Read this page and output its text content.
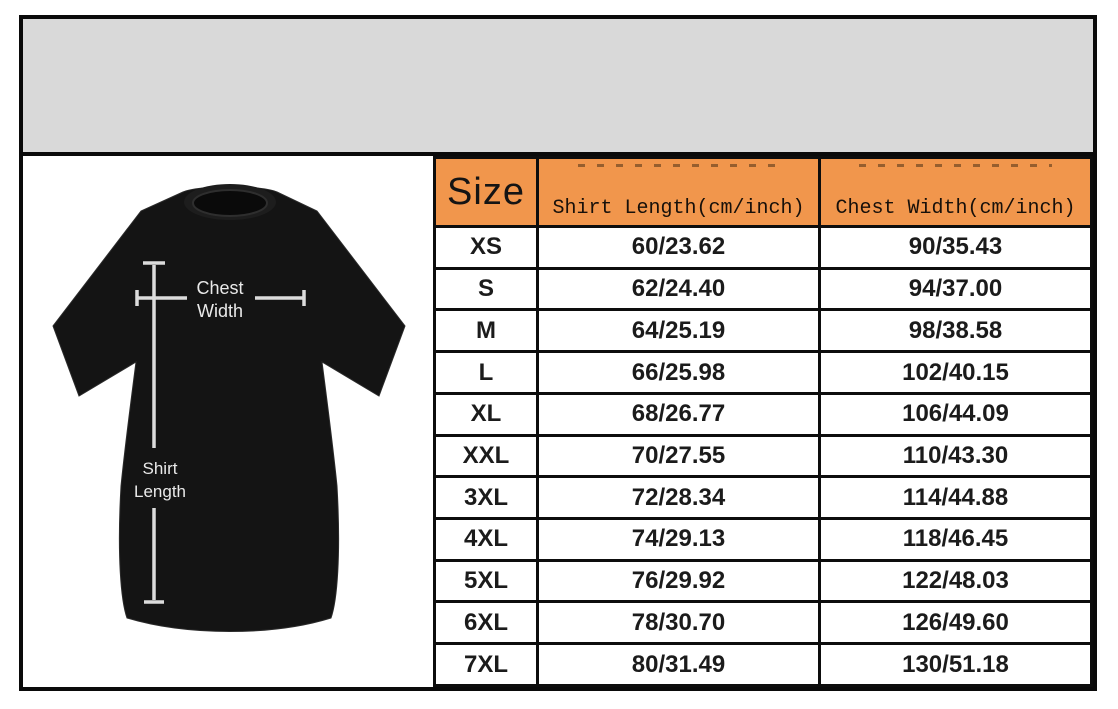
Shirt
Length
Chest
Width
Size	Shirt Length(cm/inch)	Chest Width(cm/inch)

XS	60/23.62	90/35.43
S	62/24.40	94/37.00
M	64/25.19	98/38.58
L	66/25.98	102/40.15
XL	68/26.77	106/44.09
XXL	70/27.55	110/43.30
3XL	72/28.34	114/44.88
4XL	74/29.13	118/46.45
5XL	76/29.92	122/48.03
6XL	78/30.70	126/49.60
7XL	80/31.49	130/51.18
